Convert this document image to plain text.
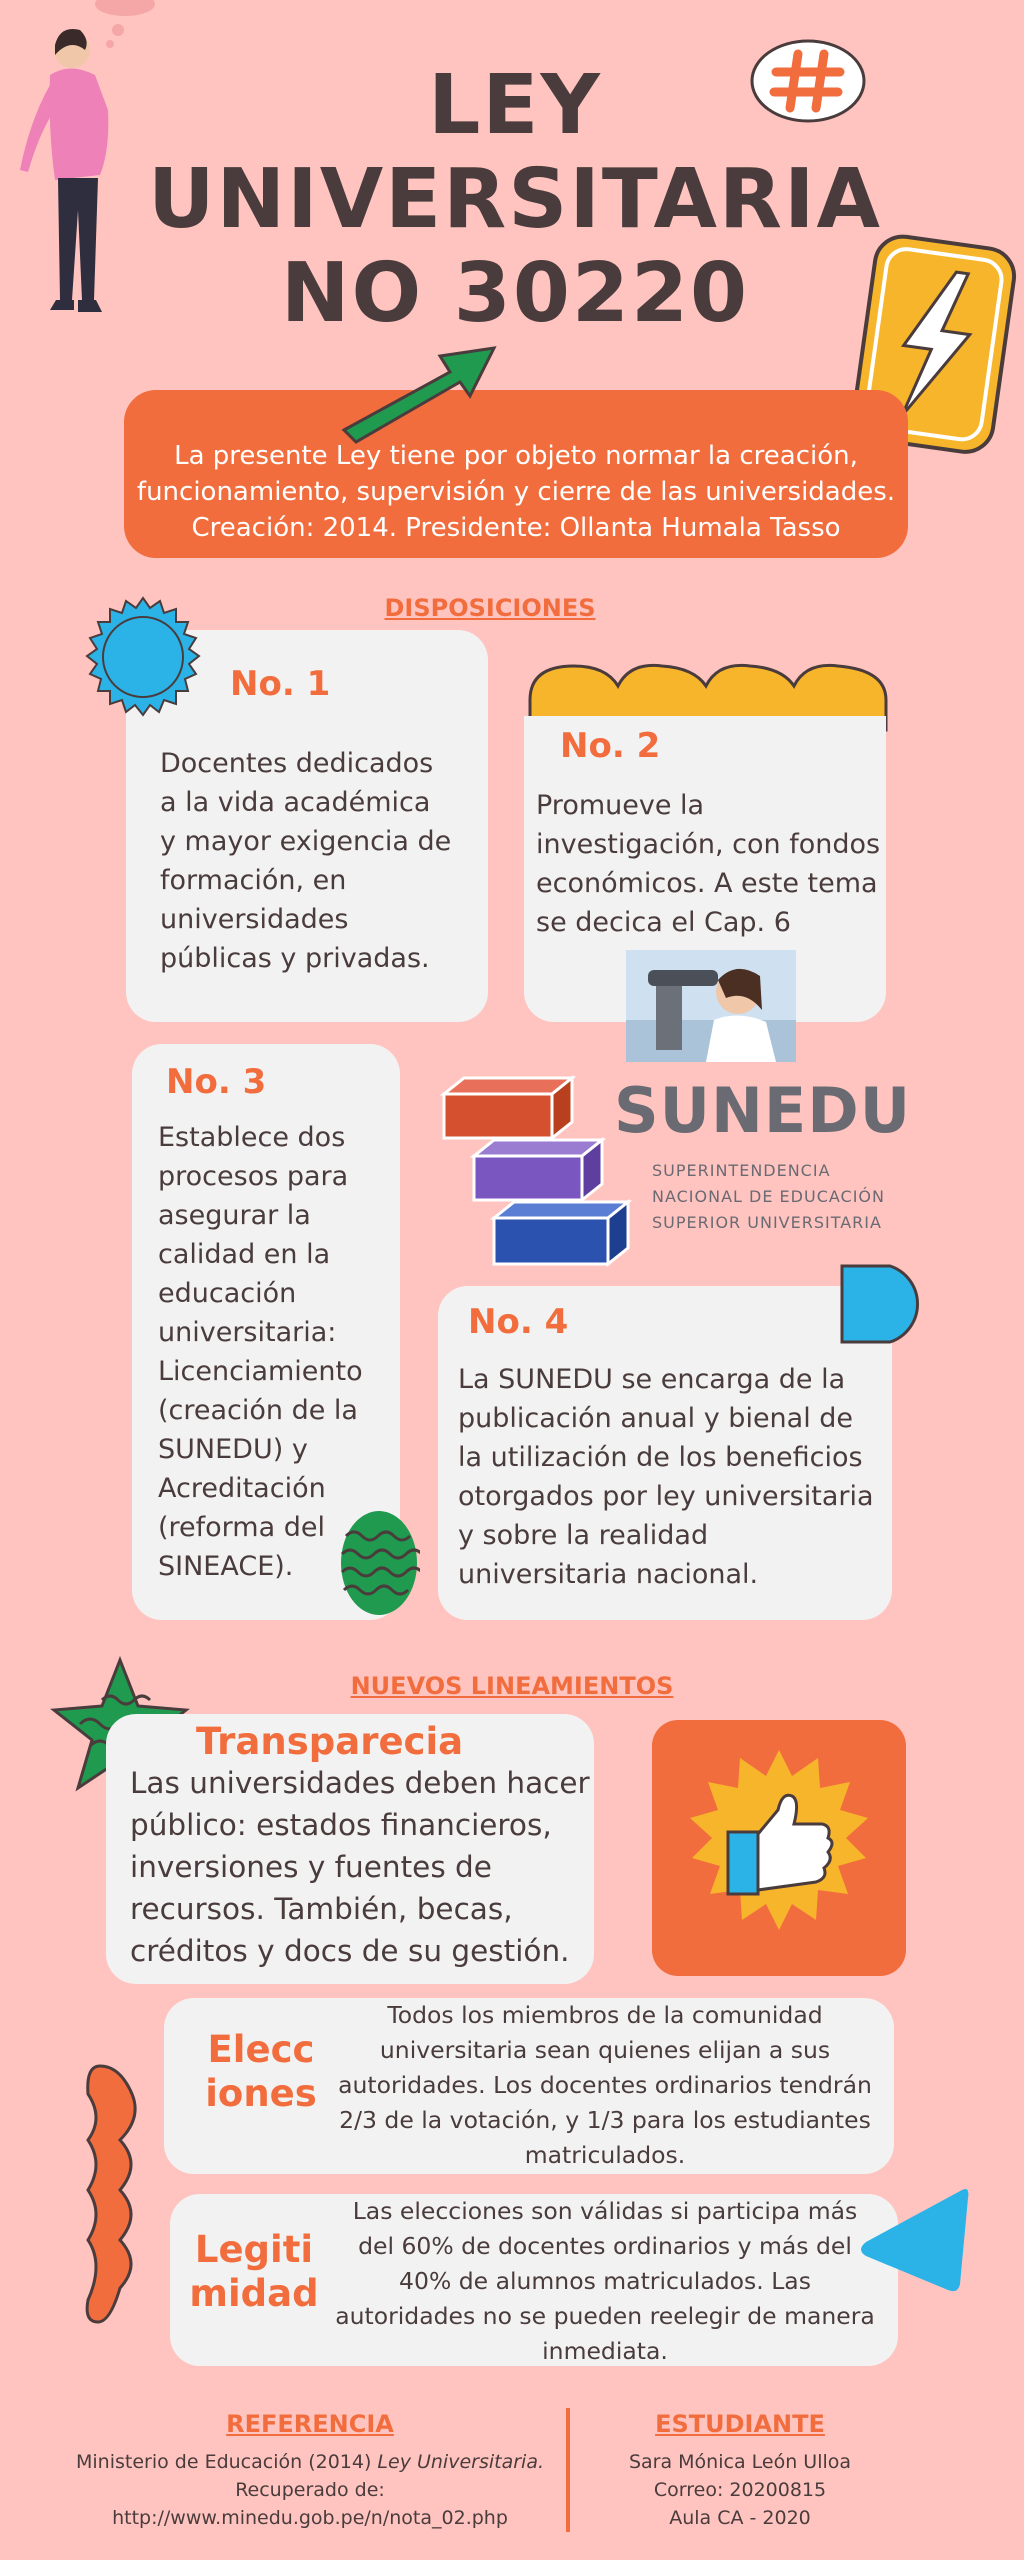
LEY
UNIVERSITARIA
NO 30220
La presente Ley tiene por objeto normar la creación,
funcionamiento, supervisión y cierre de las universidades.
Creación: 2014. Presidente: Ollanta Humala Tasso
DISPOSICIONES
No. 1
Docentes dedicados
a la vida académica
y mayor exigencia de
formación, en
universidades
públicas y privadas.
No. 2
Promueve la
investigación, con fondos
económicos. A este tema
se decica el Cap. 6
No. 3
Establece dos
procesos para
asegurar la
calidad en la
educación
universitaria:
Licenciamiento
(creación de la
SUNEDU) y
Acreditación
(reforma del
SINEACE).
SUNEDU
SUPERINTENDENCIA
NACIONAL DE EDUCACIÓN
SUPERIOR UNIVERSITARIA
No. 4
La SUNEDU se encarga de la
publicación anual y bienal de
la utilización de los beneficios
otorgados por ley universitaria
y sobre la realidad
universitaria nacional.
NUEVOS LINEAMIENTOS
Transparecia
Las universidades deben hacer
público: estados financieros,
inversiones y fuentes de
recursos. También, becas,
créditos y docs de su gestión.
Elecc
iones
Todos los miembros de la comunidad
universitaria sean quienes elijan a sus
autoridades. Los docentes ordinarios tendrán
2/3 de la votación, y 1/3 para los estudiantes
matriculados.
Legiti
midad
Las elecciones son válidas si participa más
del 60% de docentes ordinarios y más del
40% de alumnos matriculados. Las
autoridades no se pueden reelegir de manera
inmediata.
REFERENCIA
Ministerio de Educación (2014) Ley Universitaria.
Recuperado de:
http://www.minedu.gob.pe/n/nota_02.php
ESTUDIANTE
Sara Mónica León Ulloa
Correo: 20200815
Aula CA - 2020
